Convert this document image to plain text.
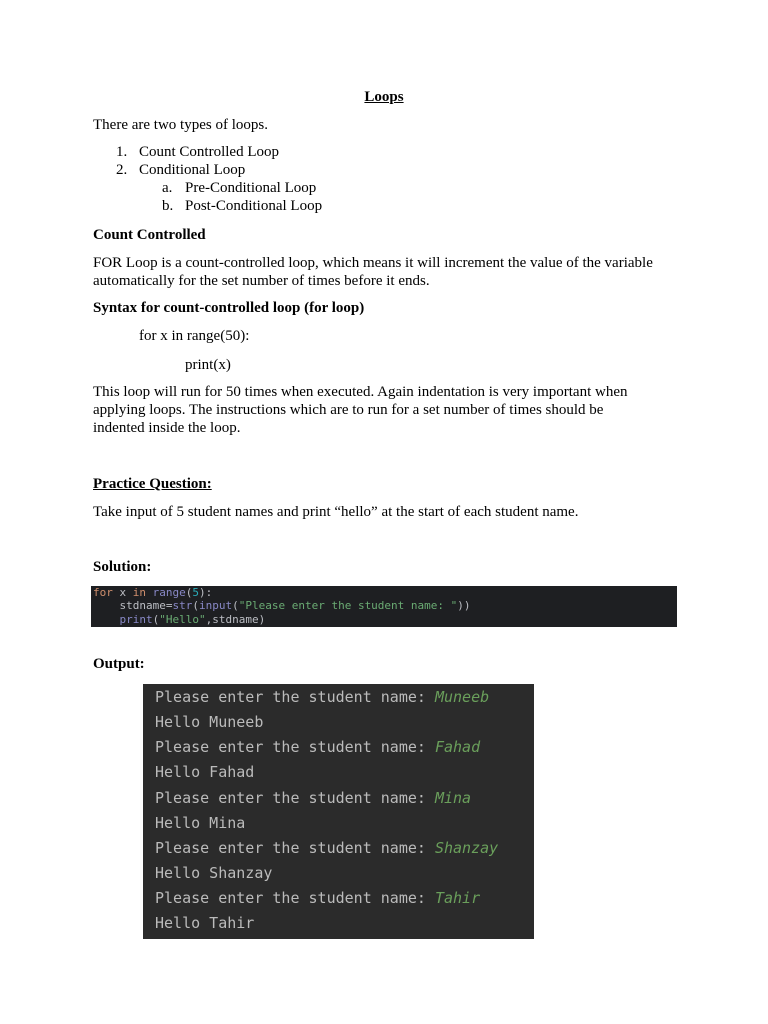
Loops
There are two types of loops.
1. Count Controlled Loop
2. Conditional Loop
a. Pre-Conditional Loop
b. Post-Conditional Loop
Count Controlled
FOR Loop is a count-controlled loop, which means it will increment the value of the variable
automatically for the set number of times before it ends.
Syntax for count-controlled loop (for loop)
for x in range(50):
print(x)
This loop will run for 50 times when executed. Again indentation is very important when
applying loops. The instructions which are to run for a set number of times should be
indented inside the loop.
Practice Question:
Take input of 5 student names and print “hello” at the start of each student name.
Solution:
for x in range(5):
stdname=str(input("Please enter the student name: "))
print("Hello",stdname)
Output:
Please enter the student name: Muneeb
Hello Muneeb
Please enter the student name: Fahad
Hello Fahad
Please enter the student name: Mina
Hello Mina
Please enter the student name: Shanzay
Hello Shanzay
Please enter the student name: Tahir
Hello Tahir
